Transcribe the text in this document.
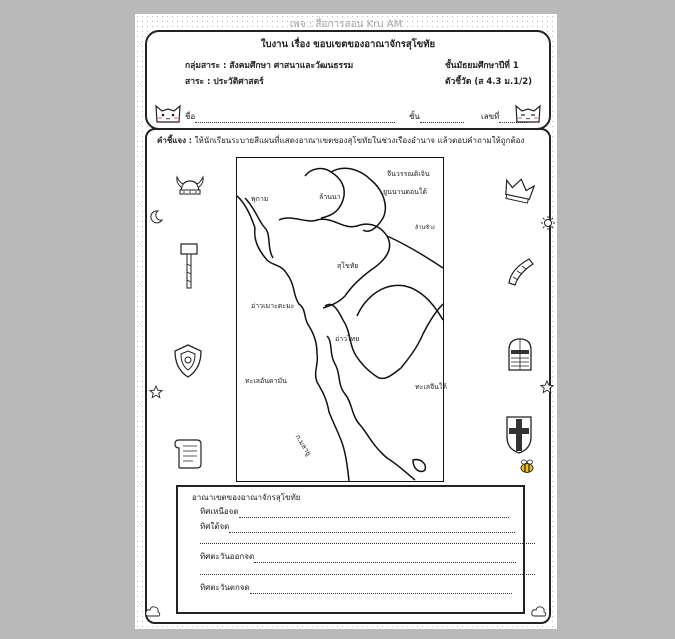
เพจ : สื่อการสอน Kru AM
ใบงาน เรื่อง ขอบเขตของอาณาจักรสุโขทัย
กลุ่มสาระ : สังคมศึกษา ศาสนาและวัฒนธรรม	ชั้นมัธยมศึกษาปีที่ 1
สาระ : ประวัติศาสตร์	ตัวชี้วัด (ส 4.3 ม.1/2)
ชื่อ	ชั้น	เลขที่
คำชี้แจง : ให้นักเรียนระบายสีแผนที่แสดงอาณาเขตของสุโขทัยในช่วงเรืองอำนาจ แล้วตอบคำถามให้ถูกต้อง
จีนวรรณดิเจิน
ยูนนานตอนใต้
ล้านนา
พุกาม
ล้านช้าง
สุโขทัย
อ่าวเมาะตะมะ
อ่าวไทย
ทะเลอันดามัน
ทะเลจีนใต้
ก.มลายู
อาณาเขตของอาณาจักรสุโขทัย
ทิศเหนือจด
ทิศใต้จด
ทิศตะวันออกจด
ทิศตะวันตกจด
